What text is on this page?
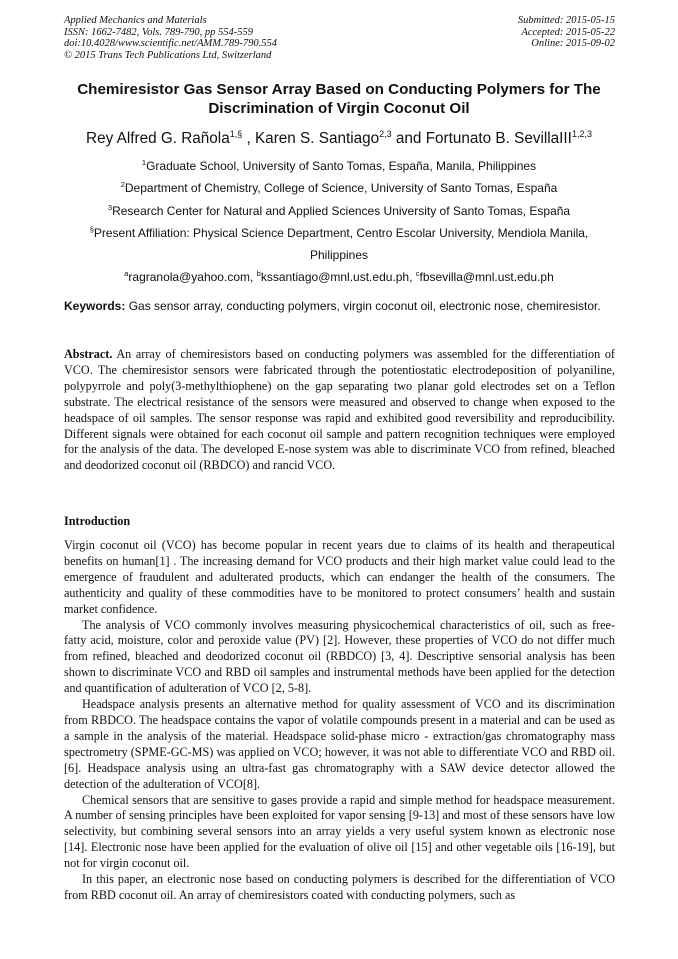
Applied Mechanics and Materials
ISSN: 1662-7482, Vols. 789-790, pp 554-559
doi:10.4028/www.scientific.net/AMM.789-790.554
© 2015 Trans Tech Publications Ltd, Switzerland
Submitted: 2015-05-15
Accepted: 2015-05-22
Online: 2015-09-02
Chemiresistor Gas Sensor Array Based on Conducting Polymers for The
Discrimination of Virgin Coconut Oil
Rey Alfred G. Rañola$^{1,\S}$ , Karen S. Santiago$^{2,3}$ and Fortunato B. SevillaIII$^{1,2,3}$
$^1$Graduate School, University of Santo Tomas, España, Manila, Philippines
$^2$Department of Chemistry, College of Science, University of Santo Tomas, España
$^3$Research Center for Natural and Applied Sciences University of Santo Tomas, España
§Present Affiliation: Physical Science Department, Centro Escolar University, Mendiola Manila, Philippines
$^a$ragranola@yahoo.com, $^b$kssantiago@mnl.ust.edu.ph, $^c$fbsevilla@mnl.ust.edu.ph
Keywords: Gas sensor array, conducting polymers, virgin coconut oil, electronic nose, chemiresistor.
Abstract. An array of chemiresistors based on conducting polymers was assembled for the differentiation of VCO. The chemiresistor sensors were fabricated through the potentiostatic electrodeposition of polyaniline, polypyrrole and poly(3-methylthiophene) on the gap separating two planar gold electrodes set on a Teflon substrate. The electrical resistance of the sensors were measured and observed to change when exposed to the headspace of oil samples. The sensor response was rapid and exhibited good reversibility and reproducibility. Different signals were obtained for each coconut oil sample and pattern recognition techniques were employed for the analysis of the data. The developed E-nose system was able to discriminate VCO from refined, bleached and deodorized coconut oil (RBDCO) and rancid VCO.
Introduction

Virgin coconut oil (VCO) has become popular in recent years due to claims of its health and therapeutical benefits on human[1] . The increasing demand for VCO products and their high market value could lead to the emergence of fraudulent and adulterated products, which can endanger the health of the consumers. The authenticity and quality of these commodities have to be monitored to protect consumers’ health and sustain market confidence.

The analysis of VCO commonly involves measuring physicochemical characteristics of oil, such as free-fatty acid, moisture, color and peroxide value (PV) [2]. However, these properties of VCO do not differ much from refined, bleached and deodorized coconut oil (RBDCO) [3, 4]. Descriptive sensorial analysis has been shown to discriminate VCO and RBD oil samples and instrumental methods have been applied for the detection and quantification of adulteration of VCO [2, 5-8].

Headspace analysis presents an alternative method for quality assessment of VCO and its discrimination from RBDCO. The headspace contains the vapor of volatile compounds present in a material and can be used as a sample in the analysis of the material. Headspace solid-phase micro - extraction/gas chromatography mass spectrometry (SPME-GC-MS) was applied on VCO; however, it was not able to differentiate VCO and RBD oil. [6]. Headspace analysis using an ultra-fast gas chromatography with a SAW device detector allowed the detection of the adulteration of VCO[8].

Chemical sensors that are sensitive to gases provide a rapid and simple method for headspace measurement. A number of sensing principles have been exploited for vapor sensing [9-13] and most of these sensors have low selectivity, but combining several sensors into an array yields a very useful system known as electronic nose [14]. Electronic nose have been applied for the evaluation of olive oil [15] and other vegetable oils [16-19], but not for virgin coconut oil.

In this paper, an electronic nose based on conducting polymers is described for the differentiation of VCO from RBD coconut oil. An array of chemiresistors coated with conducting polymers, such as
